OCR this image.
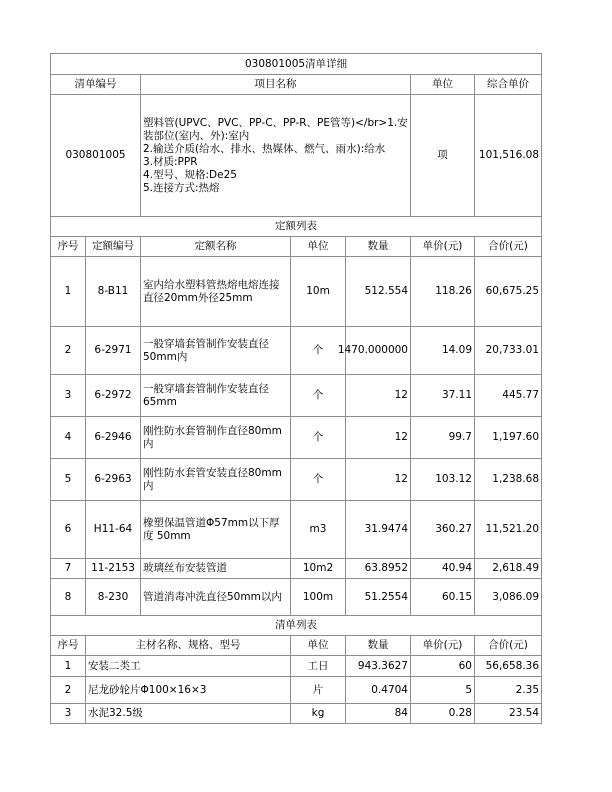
030801005清单详细						
清单编号		项目名称			单位	综合单价
030801005		塑料管(UPVC、PVC、PP-C、PP-R、PE管等)</br>1.安装部位(室内、外):室内
2.输送介质(给水、排水、热媒体、燃气、雨水):给水
3.材质:PPR
4.型号、规格:De25
5.连接方式:热熔			项	101,516.08
定额列表						
序号	定额编号	定额名称	单位	数量	单价(元)	合价(元)
1	8-B11	室内给水塑料管热熔电熔连接直径20mm外径25mm	10m	512.554	118.26	60,675.25
2	6-2971	一般穿墙套管制作安装直径50mm内	个	1470.000000	14.09	20,733.01
3	6-2972	一般穿墙套管制作安装直径65mm	个	12	37.11	445.77
4	6-2946	刚性防水套管制作直径80mm内	个	12	99.7	1,197.60
5	6-2963	刚性防水套管安装直径80mm内	个	12	103.12	1,238.68
6	H11-64	橡塑保温管道Φ57mm以下厚度 50mm	m3	31.9474	360.27	11,521.20
7	11-2153	玻璃丝布安装管道	10m2	63.8952	40.94	2,618.49
8	8-230	管道消毒冲洗直径50mm以内	100m	51.2554	60.15	3,086.09
清单列表						
序号	主材名称、规格、型号		单位	数量	单价(元)	合价(元)
1	安装二类工		工日	943.3627	60	56,658.36
2	尼龙砂轮片Φ100×16×3		片	0.4704	5	2.35
3	水泥32.5级		kg	84	0.28	23.54
